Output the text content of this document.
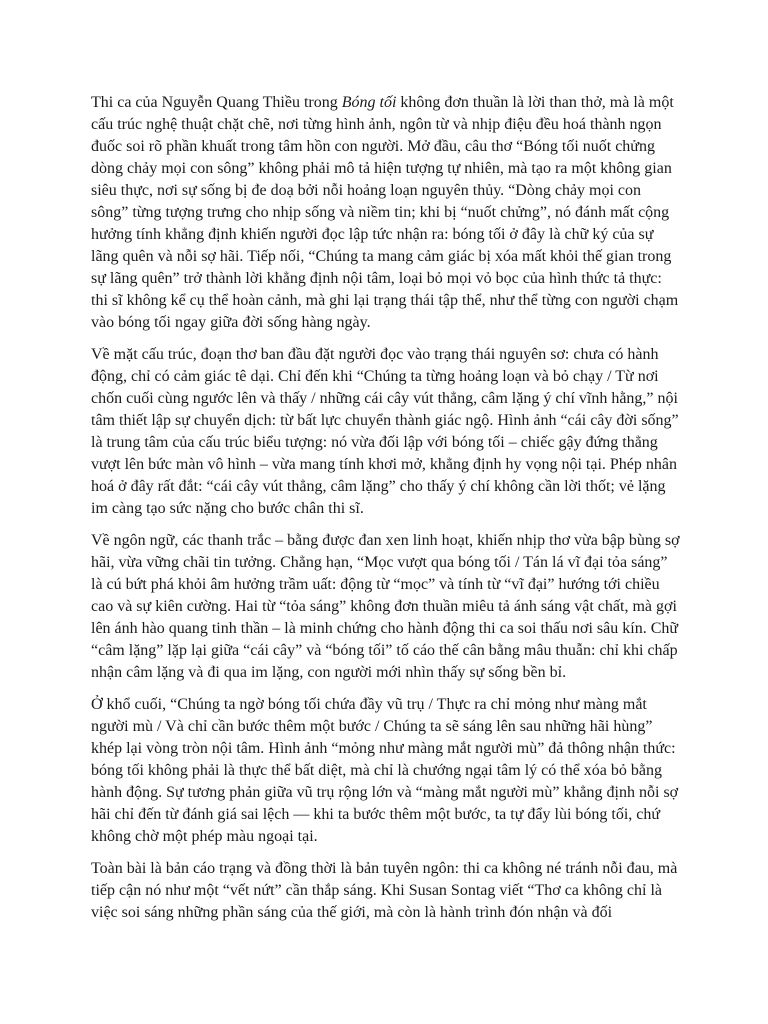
Thi ca của Nguyễn Quang Thiều trong Bóng tối không đơn thuần là lời than thở, mà là một cấu trúc nghệ thuật chặt chẽ, nơi từng hình ảnh, ngôn từ và nhịp điệu đều hoá thành ngọn đuốc soi rõ phần khuất trong tâm hồn con người. Mở đầu, câu thơ “Bóng tối nuốt chửng dòng chảy mọi con sông” không phải mô tả hiện tượng tự nhiên, mà tạo ra một không gian siêu thực, nơi sự sống bị đe doạ bởi nỗi hoảng loạn nguyên thủy. “Dòng chảy mọi con sông” từng tượng trưng cho nhịp sống và niềm tin; khi bị “nuốt chửng”, nó đánh mất cộng hưởng tính khẳng định khiến người đọc lập tức nhận ra: bóng tối ở đây là chữ ký của sự lãng quên và nỗi sợ hãi. Tiếp nối, “Chúng ta mang cảm giác bị xóa mất khỏi thế gian trong sự lãng quên” trở thành lời khẳng định nội tâm, loại bỏ mọi vỏ bọc của hình thức tả thực: thi sĩ không kể cụ thể hoàn cảnh, mà ghi lại trạng thái tập thể, như thể từng con người chạm vào bóng tối ngay giữa đời sống hàng ngày.

Về mặt cấu trúc, đoạn thơ ban đầu đặt người đọc vào trạng thái nguyên sơ: chưa có hành động, chỉ có cảm giác tê dại. Chỉ đến khi “Chúng ta từng hoảng loạn và bỏ chạy / Từ nơi chốn cuối cùng ngước lên và thấy / những cái cây vút thẳng, câm lặng ý chí vĩnh hằng,” nội tâm thiết lập sự chuyển dịch: từ bất lực chuyển thành giác ngộ. Hình ảnh “cái cây đời sống” là trung tâm của cấu trúc biểu tượng: nó vừa đối lập với bóng tối – chiếc gậy đứng thẳng vượt lên bức màn vô hình – vừa mang tính khơi mở, khẳng định hy vọng nội tại. Phép nhân hoá ở đây rất đắt: “cái cây vút thẳng, câm lặng” cho thấy ý chí không cần lời thốt; vẻ lặng im càng tạo sức nặng cho bước chân thi sĩ.

Về ngôn ngữ, các thanh trắc – bằng được đan xen linh hoạt, khiến nhịp thơ vừa bập bùng sợ hãi, vừa vững chãi tin tưởng. Chẳng hạn, “Mọc vượt qua bóng tối / Tán lá vĩ đại tỏa sáng” là cú bứt phá khỏi âm hưởng trầm uất: động từ “mọc” và tính từ “vĩ đại” hướng tới chiều cao và sự kiên cường. Hai từ “tỏa sáng” không đơn thuần miêu tả ánh sáng vật chất, mà gợi lên ánh hào quang tinh thần – là minh chứng cho hành động thi ca soi thấu nơi sâu kín. Chữ “câm lặng” lặp lại giữa “cái cây” và “bóng tối” tố cáo thế cân bằng mâu thuẫn: chỉ khi chấp nhận câm lặng và đi qua im lặng, con người mới nhìn thấy sự sống bền bỉ.

Ở khổ cuối, “Chúng ta ngờ bóng tối chứa đầy vũ trụ / Thực ra chỉ mỏng như màng mắt người mù / Và chỉ cần bước thêm một bước / Chúng ta sẽ sáng lên sau những hãi hùng” khép lại vòng tròn nội tâm. Hình ảnh “mỏng như màng mắt người mù” đả thông nhận thức: bóng tối không phải là thực thể bất diệt, mà chỉ là chướng ngại tâm lý có thể xóa bỏ bằng hành động. Sự tương phản giữa vũ trụ rộng lớn và “màng mắt người mù” khẳng định nỗi sợ hãi chỉ đến từ đánh giá sai lệch — khi ta bước thêm một bước, ta tự đẩy lùi bóng tối, chứ không chờ một phép màu ngoại tại.

Toàn bài là bản cáo trạng và đồng thời là bản tuyên ngôn: thi ca không né tránh nỗi đau, mà tiếp cận nó như một “vết nứt” cần thắp sáng. Khi Susan Sontag viết “Thơ ca không chỉ là việc soi sáng những phần sáng của thế giới, mà còn là hành trình đón nhận và đối
